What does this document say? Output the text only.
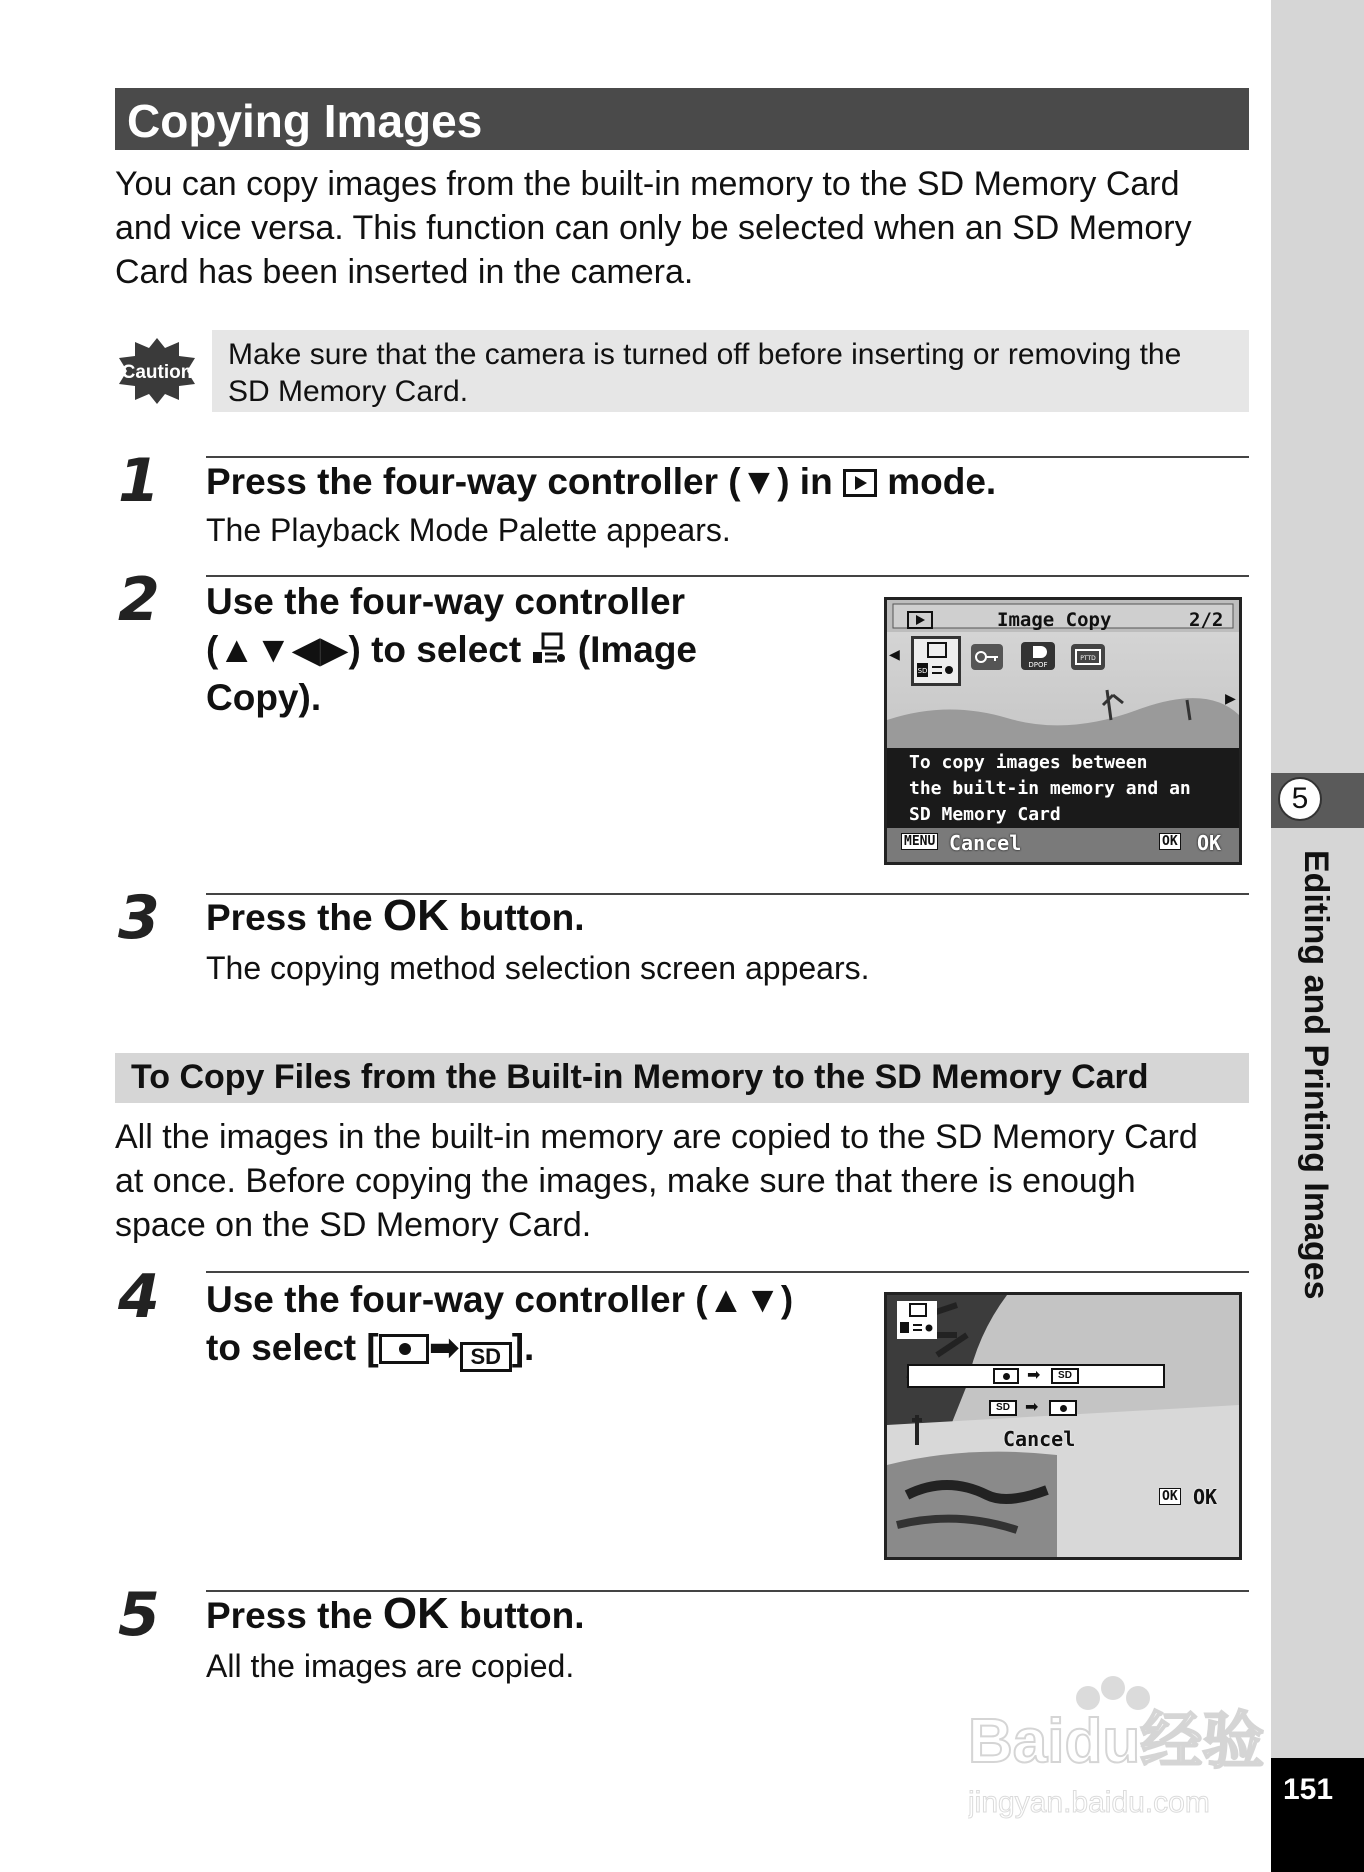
5
Editing and Printing Images
151
Copying Images

You can copy images from the built-in memory to the SD Memory Card
and vice versa. This function can only be selected when an SD Memory
Card has been inserted in the camera.

Caution
Make sure that the camera is turned off before inserting or removing the
SD Memory Card.
1 Press the four-way controller (▼) in  mode.
The Playback Mode Palette appears.
2 Use the four-way controller
(▲▼◀▶) to select  (Image
Copy).
Image Copy	2/2
◀
▶
SD
DPOF
PTTD
To copy images between
the built-in memory and an
SD Memory Card
MENU Cancel	OK OK
3 Press the OK button.
The copying method selection screen appears.
To Copy Files from the Built-in Memory to the SD Memory Card

All the images in the built-in memory are copied to the SD Memory Card
at once. Before copying the images, make sure that there is enough
space on the SD Memory Card.

4 Use the four-way controller (▲▼)
to select [ ➡ SD ].
➡	SD
SD ➡
Cancel
OK OK
5 Press the OK button.
All the images are copied.
Baidu经验
jingyan.baidu.com
